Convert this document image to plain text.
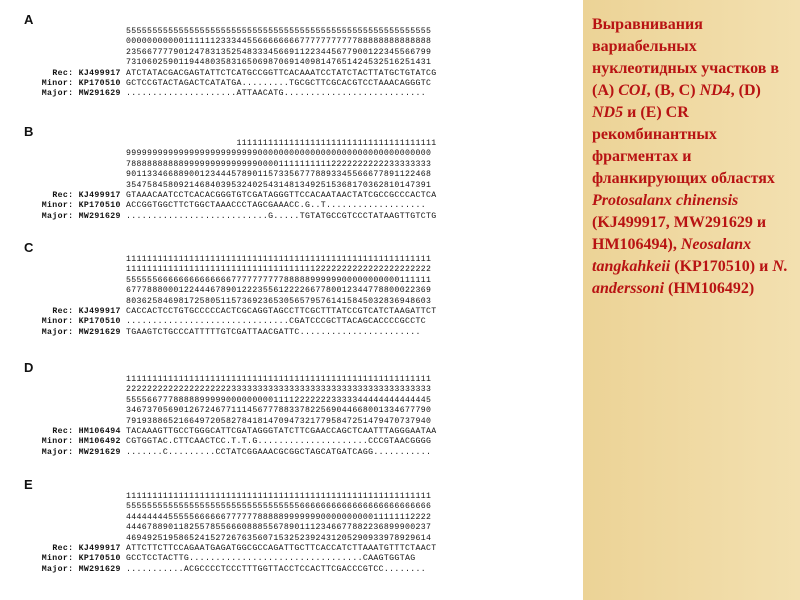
A
5555555555555555555555555555555555555555555555555555555555
0000000000011111123334455666666667777777777788888888888888
2356677779012478313525483334566911223445677900122345566799
7310602590119448035831650698706914098147651424532516251431
Rec: KJ499917 ATCTATACGACGAGTATTCTCATGCCGGTTCACAAATCCTATCTACTTATGCTGTATCG
Minor: KP170510 GCTCCGTACTAGACTCATATGA.........TGCGCTTCGCACGTCCTAAACAGGGTC
Major: MW291629 .....................ATTAACATG...........................
B
11111111111111111111111111111111111111
9999999999999999999999999000000000000000000000000000000000
7888888888899999999999999000011111111112222222222233333333
9011334668890012344457890115733567778893345566677891122468
3547584580921468403953240254314813492515368170362810147391
Rec: KJ499917 GTAAACAATCCTCACACGGGTGTCGATAGGGTTCCACAATAACTATCGCCGCCCACTCA
Minor: KP170510 ACCGGTGGCTTCTGGCTAAACCCTAGCGAAACC.G..T...................
Major: MW291629 ...........................G.....TGTATGCCGTCCCTATAAGTTGTCTG
C
1111111111111111111111111111111111111111111111111111111111
1111111111111111111111111111111111112222222222222222222222
5555556666666666666677777777778888899999900000000000111111
6777888000122444678901222355612222667780012344778800022369
8036258469817258051157369236530565795761415845032836948603
Rec: KJ499917 CACCACTCCTGTGCCCCCACTCGCAGGTAGCCTTCGCTTTATCCGTCATCTAAGATTCT
Minor: KP170510 ...............................CGATCCCGCTTACAGCACCCCGCCTC
Major: MW291629 TGAAGTCTGCCCATTTTTGTCGATTAACGATTC.......................
D
1111111111111111111111111111111111111111111111111111111111
2222222222222222222233333333333333333333333333333333333333
5555667778888899999000000000111122222223333344444444444445
3467370569012672467711145677788337822569044668001334677790
7919388652166497205827841814709473217795847251479470737940
Rec: HM106494 TACAAAGTTGCCTGGGCATTCGATAGGGTATCTTCGAACCAGCTCAATTTAGGGAATAA
Minor: HM106492 CGTGGTAC.CTTCAACTCC.T.T.G.....................CCCGTAACGGGG
Major: MW291629 .......C.........CCTATCGGAAACGCGGCTAGCATGATCAGG...........
E
1111111111111111111111111111111111111111111111111111111111
5555555555555555555555555555555556666666666666666666666666
4444444455555666666777777888889999999000000000011111112222
4446788901182557855666088855678901112346677882236899900237
4694925195865241527267635607153252392431205290933978929614
Rec: KJ499917 ATTCTTCTTCCAGAATGAGATGGCGCCAGATTGCTTCACCATCTTAAATGTTTCTAACT
Minor: KP170510 GCCTCCTACTTG.................................CAAGTGGTAG
Major: MW291629 ...........ACGCCCCTCCCTTTGGTTACCTCCACTTCGACCCGTCC........
Выравнивания вариабельных нуклеотидных участков в (A) COI, (B, C) ND4, (D) ND5 и (E) CR рекомбинантных фрагментах и фланкирующих областях Protosalanx chinensis (KJ499917, MW291629 и HM106494), Neosalanx tangkahkeii (KP170510) и N. anderssoni (HM106492)
